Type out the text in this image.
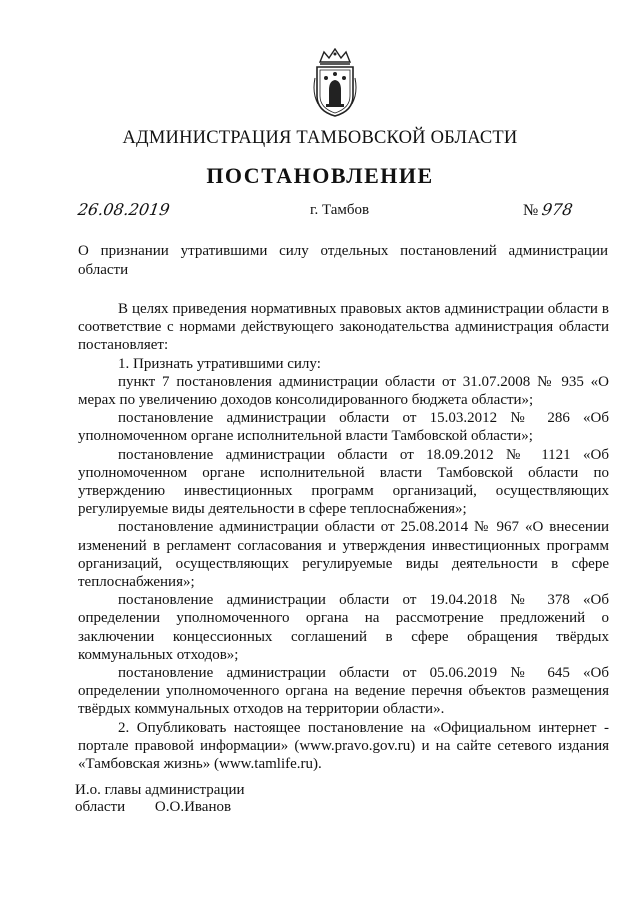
АДМИНИСТРАЦИЯ ТАМБОВСКОЙ ОБЛАСТИ
ПОСТАНОВЛЕНИЕ
26.08.2019	г. Тамбов	№ 978
О признании утратившими силу отдельных постановлений администрации области

В целях приведения нормативных правовых актов администрации области в соответствие с нормами действующего законодательства администрация области постановляет:

1. Признать утратившими силу:

пункт 7 постановления администрации области от 31.07.2008 № 935 «О мерах по увеличению доходов консолидированного бюджета области»;

постановление администрации области от 15.03.2012 № 286 «Об уполномоченном органе исполнительной власти Тамбовской области»;

постановление администрации области от 18.09.2012 № 1121 «Об уполномоченном органе исполнительной власти Тамбовской области по утверждению инвестиционных программ организаций, осуществляющих регулируемые виды деятельности в сфере теплоснабжения»;

постановление администрации области от 25.08.2014 № 967 «О внесении изменений в регламент согласования и утверждения инвестиционных программ организаций, осуществляющих регулируемые виды деятельности в сфере теплоснабжения»;

постановление администрации области от 19.04.2018 № 378 «Об определении уполномоченного органа на рассмотрение предложений о заключении концессионных соглашений в сфере обращения твёрдых коммунальных отходов»;

постановление администрации области от 05.06.2019 № 645 «Об определении уполномоченного органа на ведение перечня объектов размещения твёрдых коммунальных отходов на территории области».

2. Опубликовать настоящее постановление на «Официальном интернет - портале правовой информации» (www.pravo.gov.ru) и на сайте сетевого издания «Тамбовская жизнь» (www.tamlife.ru).

И.о. главы администрации
области О.О.Иванов
